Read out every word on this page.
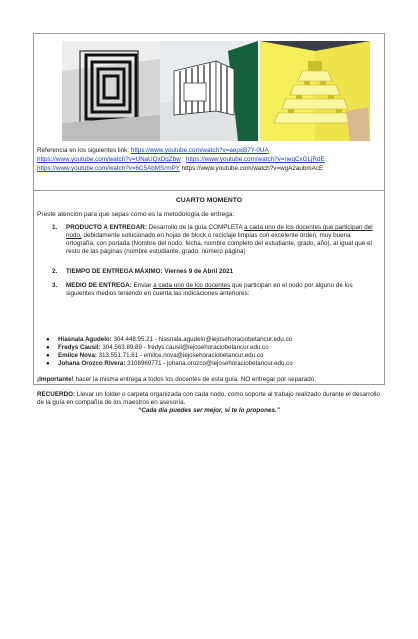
Referencia en los siguientes link: https://www.youtube.com/watch?v=aepxB7Y-0UA
https://www.youtube.com/watch?v=UNaUQxDqZbw https://www.youtube.com/watch?v=neqCxGLjRdE
https://www.youtube.com/watch?v=6C5AbMSrmPY https://www.youtube.com/watch?v=wgA2aubmAcE
CUARTO MOMENTO
Preste atención para que sepas como es la metodología de entrega:
1. PRODUCTO A ENTREGAR: Desarrollo de la guía COMPLETA a cada uno de los docentes que participan del nodo, debidamente solucionado en hojas de block o reciclaje limpias con excelente orden, muy buena ortografía, con portada (Nombre del nodo, fecha, nombre completo del estudiante, grado, año), al igual que el resto de las páginas (nombre estudiante, grado, número página)
2. TIEMPO DE ENTREGA MÁXIMO: Viernes 9 de Abril 2021
3. MEDIO DE ENTREGA: Enviar a cada uno de los docentes que participan en el nodo por alguno de los siguientes medios teniendo en cuenta las indicaciones anteriores:
● Hiasnala Agudelo: 304.448.95.21 - hiasnala.agudelo@iejosehoraciobetancur.edu.co
● Fredys Causil: 304.563.89.89 - fredys.causil@iejosehoraciobetancur.edu.co
● Emilce Nova: 313.551.71.61 - emilce.nova@iejosehoraciobetancur.edu.co
● Johana Orozco Rivera: 3108969771 - johana.orozco@iejosehoraciobetancur.edu.co
¡Importante! hacer la misma entrega a todos los docentes de esta guía. NO entregar por separado.
RECUERDO: Llevar un folder o carpeta organizada con cada nodo, como soporte al trabajo realizado durante el desarrollo de la guía en compañía de los maestros en asesoría.
“Cada día puedes ser mejor, si te lo propones.”
